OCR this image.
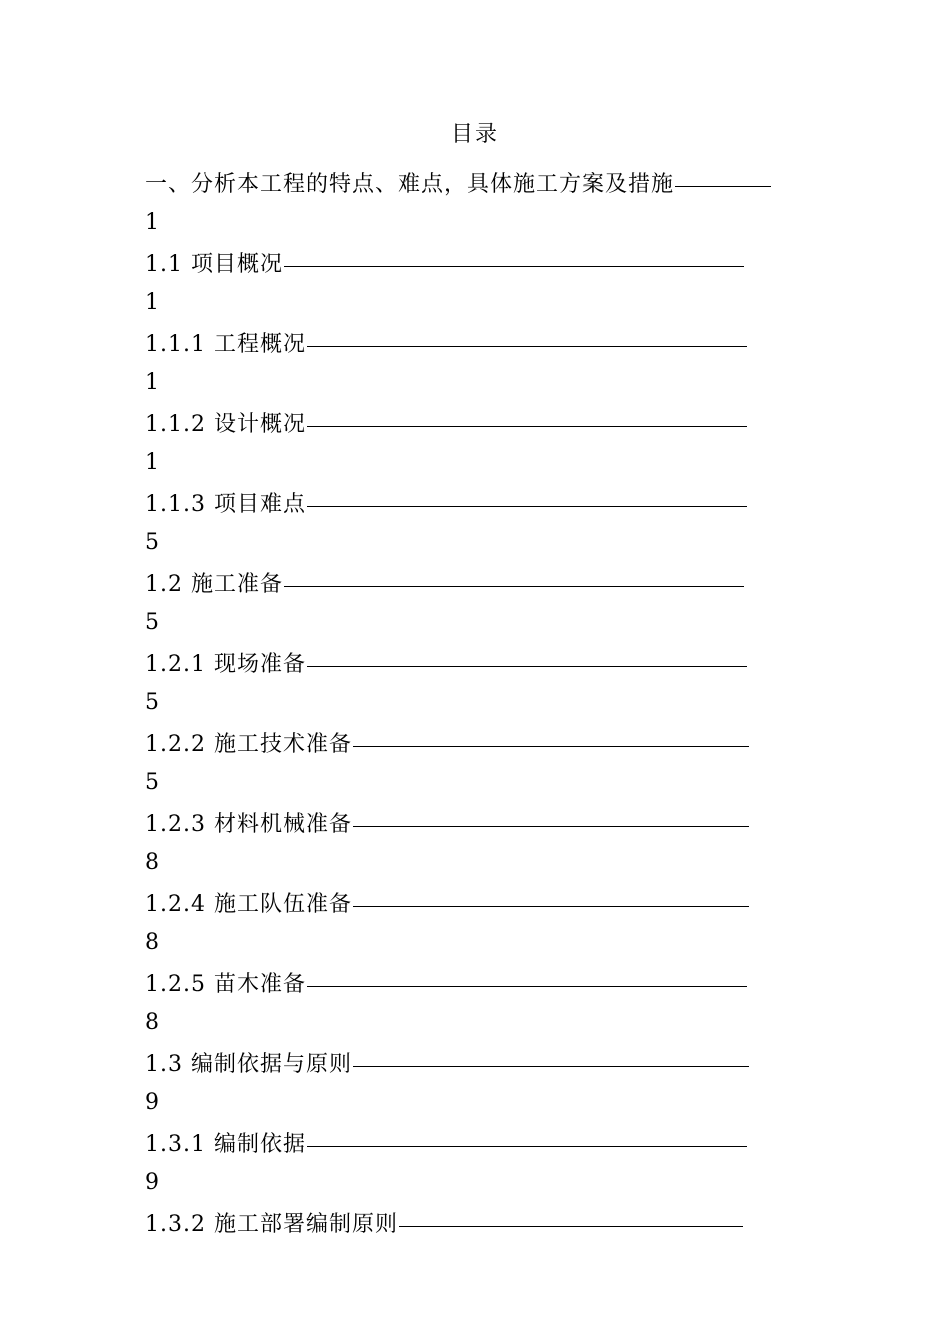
目录
一、分析本工程的特点、难点，具体施工方案及措施
1
1.1 项目概况
1
1.1.1 工程概况
1
1.1.2 设计概况
1
1.1.3 项目难点
5
1.2 施工准备
5
1.2.1 现场准备
5
1.2.2 施工技术准备
5
1.2.3 材料机械准备
8
1.2.4 施工队伍准备
8
1.2.5 苗木准备
8
1.3 编制依据与原则
9
1.3.1 编制依据
9
1.3.2 施工部署编制原则
